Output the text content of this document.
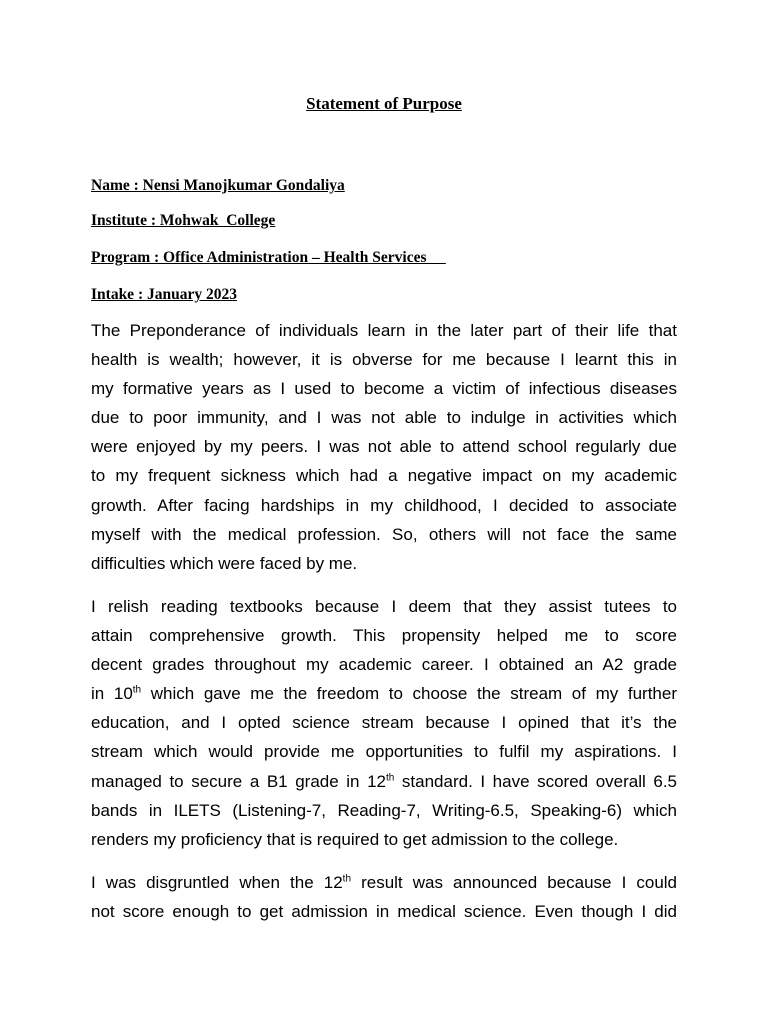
Statement of Purpose
Name : Nensi Manojkumar Gondaliya
Institute : Mohwak  College
Program : Office Administration – Health Services
Intake : January 2023
The Preponderance of individuals learn in the later part of their life that
health is wealth; however, it is obverse for me because I learnt this in
my formative years as I used to become a victim of infectious diseases
due to poor immunity, and I was not able to indulge in activities which
were enjoyed by my peers. I was not able to attend school regularly due
to my frequent sickness which had a negative impact on my academic
growth. After facing hardships in my childhood, I decided to associate
myself with the medical profession. So, others will not face the same
difficulties which were faced by me.
I relish reading textbooks because I deem that they assist tutees to
attain comprehensive growth. This propensity helped me to score
decent grades throughout my academic career. I obtained an A2 grade
in 10th which gave me the freedom to choose the stream of my further
education, and I opted science stream because I opined that it’s the
stream which would provide me opportunities to fulfil my aspirations. I
managed to secure a B1 grade in 12th standard. I have scored overall 6.5
bands in ILETS (Listening-7, Reading-7, Writing-6.5, Speaking-6) which
renders my proficiency that is required to get admission to the college.
I was disgruntled when the 12th result was announced because I could
not score enough to get admission in medical science. Even though I did
